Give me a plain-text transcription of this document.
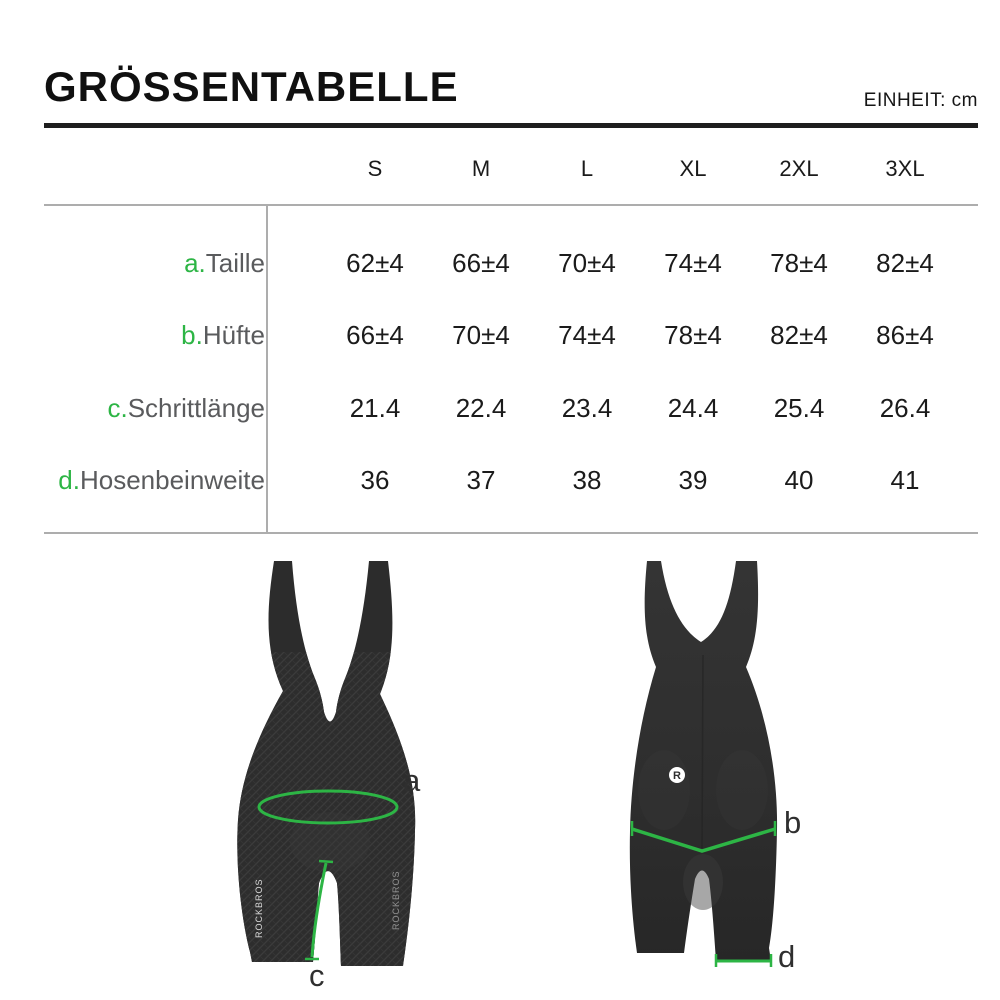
GRÖSSENTABELLE	EINHEIT: cm
S	M	L	XL	2XL	3XL
a.Taille	62±4	66±4	70±4	74±4	78±4	82±4
b.Hüfte	66±4	70±4	74±4	78±4	82±4	86±4
c.Schrittlänge	21.4	22.4	23.4	24.4	25.4	26.4
d.Hosenbeinweite	36	37	38	39	40	41
ROCKBROS	ROCKBROS
a
c
R
b
d
